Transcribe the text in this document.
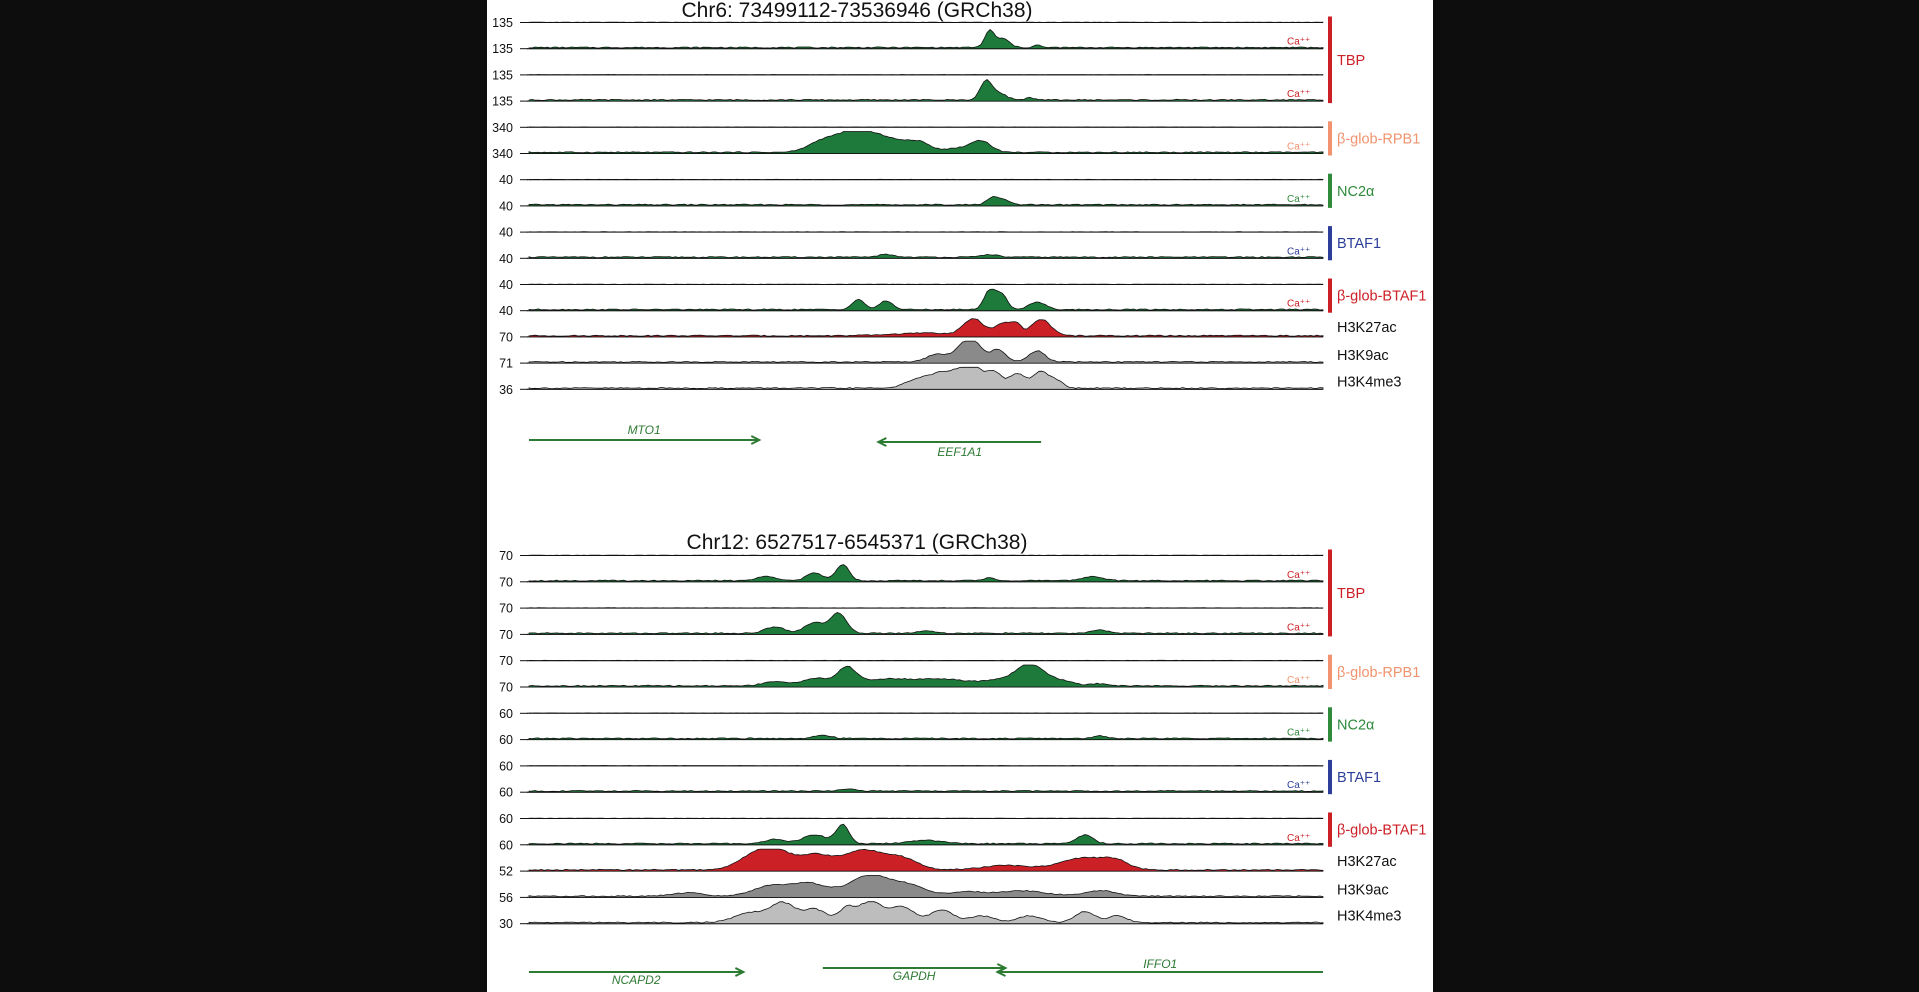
Chr6: 73499112-73536946 (GRCh38)
135
135
135
135
340
340
40
40
40
40
40
40
70
71
36
TBP
Ca⁺⁺
Ca⁺⁺
β-glob-RPB1
Ca⁺⁺
NC2α
Ca⁺⁺
BTAF1
Ca⁺⁺
β-glob-BTAF1
Ca⁺⁺
H3K27ac
H3K9ac
H3K4me3
MTO1
EEF1A1
Chr12: 6527517-6545371 (GRCh38)
70
70
70
70
70
70
60
60
60
60
60
60
52
56
30
TBP
Ca⁺⁺
Ca⁺⁺
β-glob-RPB1
Ca⁺⁺
NC2α
Ca⁺⁺
BTAF1
Ca⁺⁺
β-glob-BTAF1
Ca⁺⁺
H3K27ac
H3K9ac
H3K4me3
NCAPD2	GAPDH
IFFO1
